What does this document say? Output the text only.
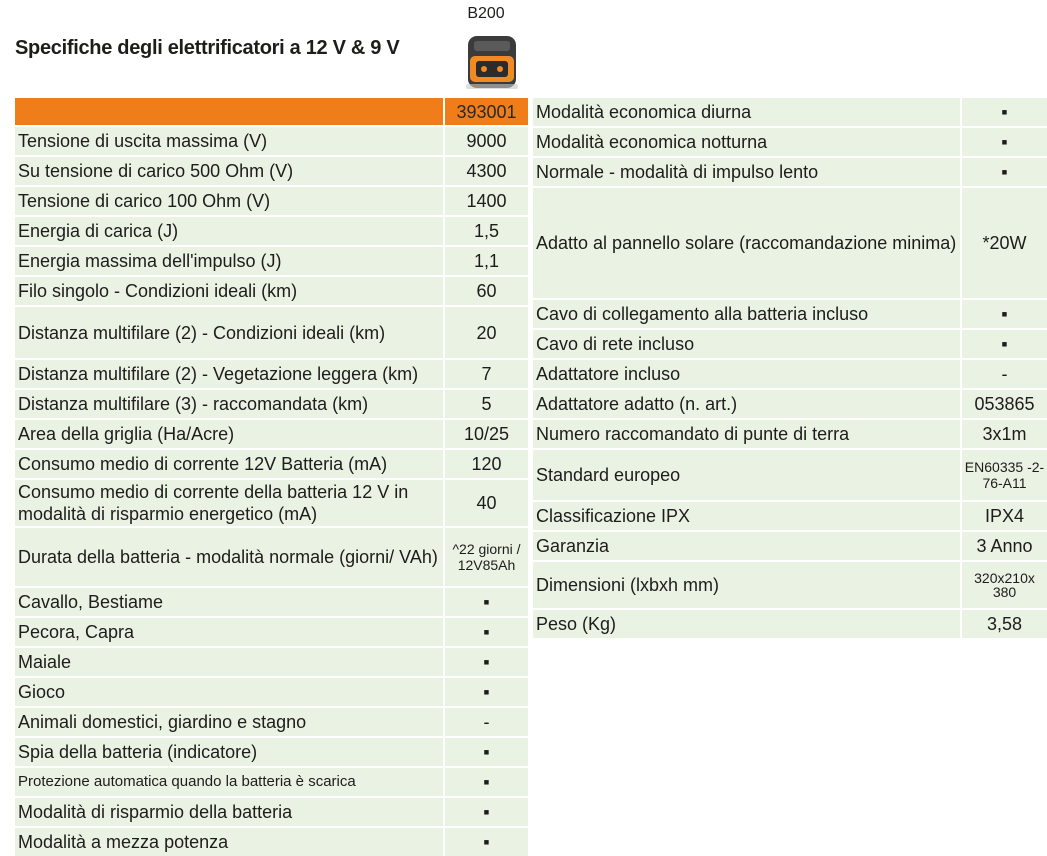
Specifiche degli elettrificatori a 12 V & 9 V
B200
393001
Tensione di uscita massima (V)	9000
Su tensione di carico 500 Ohm (V)	4300
Tensione di carico 100 Ohm (V)	1400
Energia di carica (J)	1,5
Energia massima dell'impulso (J)	1,1
Filo singolo - Condizioni ideali (km)	60
Distanza multifilare (2) - Condizioni ideali (km)	20
Distanza multifilare (2) - Vegetazione leggera (km)	7
Distanza multifilare (3) - raccomandata (km)	5
Area della griglia (Ha/Acre)	10/25
Consumo medio di corrente 12V Batteria (mA)	120
Consumo medio di corrente della batteria 12 V in modalità di risparmio energetico (mA)
40
Durata della batteria - modalità normale (giorni/ VAh)	^22 giorni / 12V85Ah
Cavallo, Bestiame	▪
Pecora, Capra	▪
Maiale	▪
Gioco	▪
Animali domestici, giardino e stagno	-
Spia della batteria (indicatore)	▪
Protezione automatica quando la batteria è scarica	▪
Modalità di risparmio della batteria	▪
Modalità a mezza potenza	▪
Modalità economica diurna	▪
Modalità economica notturna	▪
Normale - modalità di impulso lento	▪
Adatto al pannello solare (raccomandazione minima)	*20W
Cavo di collegamento alla batteria incluso	▪
Cavo di rete incluso	▪
Adattatore incluso	-
Adattatore adatto (n. art.)	053865
Numero raccomandato di punte di terra	3x1m
Standard europeo	EN60335 -2-76-A11
Classificazione IPX	IPX4
Garanzia	3 Anno
Dimensioni (lxbxh mm)	320x210x 380
Peso (Kg)	3,58
